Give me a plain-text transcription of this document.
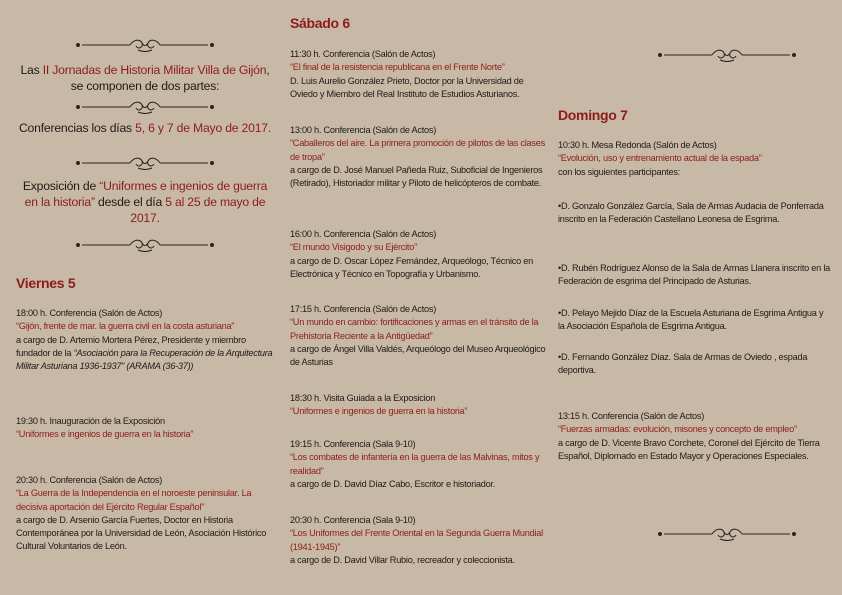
Las II Jornadas de Historia Militar Villa de Gijón, se componen de dos partes:
Conferencias los días 5, 6 y 7 de Mayo de 2017.
Exposición de “Uniformes e ingenios de guerra en la historia” desde el día 5 al 25 de mayo de 2017.
Viernes 5
18:00 h. Conferencia (Salón de Actos)
“Gijón, frente de mar. la guerra civil en la costa asturiana”
a cargo de D. Artemio Mortera Pérez, Presidente y miembro fundador de la “Asociación para la Recuperación de la Arquitectura Militar Asturiana 1936-1937” (ARAMA (36-37))
19:30 h. Inauguración de la Exposición
“Uniformes e ingenios de guerra en la historia”
20:30 h. Conferencia (Salón de Actos)
“La Guerra de la Independencia en el noroeste peninsular. La decisiva aportación del Ejército Regular Español”
a cargo de D. Arsenio García Fuertes, Doctor en Historia Contemporánea por la Universidad de León, Asociación Histórico Cultural Voluntarios de León.
Sábado 6
11:30 h. Conferencia (Salón de Actos)
“El final de la resistencia republicana en el Frente Norte”
D. Luis Aurelio González Prieto, Doctor por la Universidad de Oviedo y Miembro del Real Instituto de Estudios Asturianos.
13:00 h. Conferencia (Salón de Actos)
“Caballeros del aire. La primera promoción de pilotos de las clases de tropa”
a cargo de D. José Manuel Pañeda Ruiz, Suboficial de Ingenieros (Retirado), Historiador militar y Piloto de helicópteros de combate.
16:00 h. Conferencia (Salón de Actos)
“El mundo Visigodo y su Ejército”
a cargo de D. Oscar López Fernández, Arqueólogo, Técnico en Electrónica y Técnico en Topografía y Urbanismo.
17:15 h. Conferencia (Salón de Actos)
“Un mundo en cambio: fortificaciones y armas en el tránsito de la Prehistoria Reciente a la Antigüedad”
a cargo de Ángel Villa Valdés, Arqueólogo del Museo Arqueológico de Asturias
18:30 h. Visita Guiada a la Exposicion
“Uniformes e ingenios de guerra en la historia”
19:15 h. Conferencia (Sala 9-10)
“Los combates de infantería en la guerra de las Malvinas, mitos y realidad”
a cargo de D. David Díaz Cabo, Escritor e historiador.
20:30 h. Conferencia (Sala 9-10)
“Los Uniformes del Frente Oriental en la Segunda Guerra Mundial (1941-1945)”
a cargo de D. David Villar Rubio, recreador y coleccionista.
Domingo 7
10:30 h. Mesa Redonda (Salón de Actos)
“Evolución, uso y entrenamiento actual de la espada”
con los siguientes participantes:
•D. Gonzalo González García, Sala de Armas Audacia de Ponferrada inscrito en la Federación Castellano Leonesa de Esgrima.
•D. Rubén Rodríguez Alonso de la Sala de Armas Llanera inscrito en la Federación de esgrima del Principado de Asturias.
•D. Pelayo Mejido Díaz de la Escuela Asturiana de Esgrima Antigua y la Asociación Española de Esgrima Antigua.
•D. Fernando González Díaz. Sala de Armas de Oviedo , espada deportiva.
13:15 h. Conferencia (Salón de Actos)
“Fuerzas armadas: evolución, misones y concepto de empleo”
a cargo de D. Vicente Bravo Corchete, Coronel del Ejército de Tierra Español, Diplomado en Estado Mayor y Operaciones Especiales.
